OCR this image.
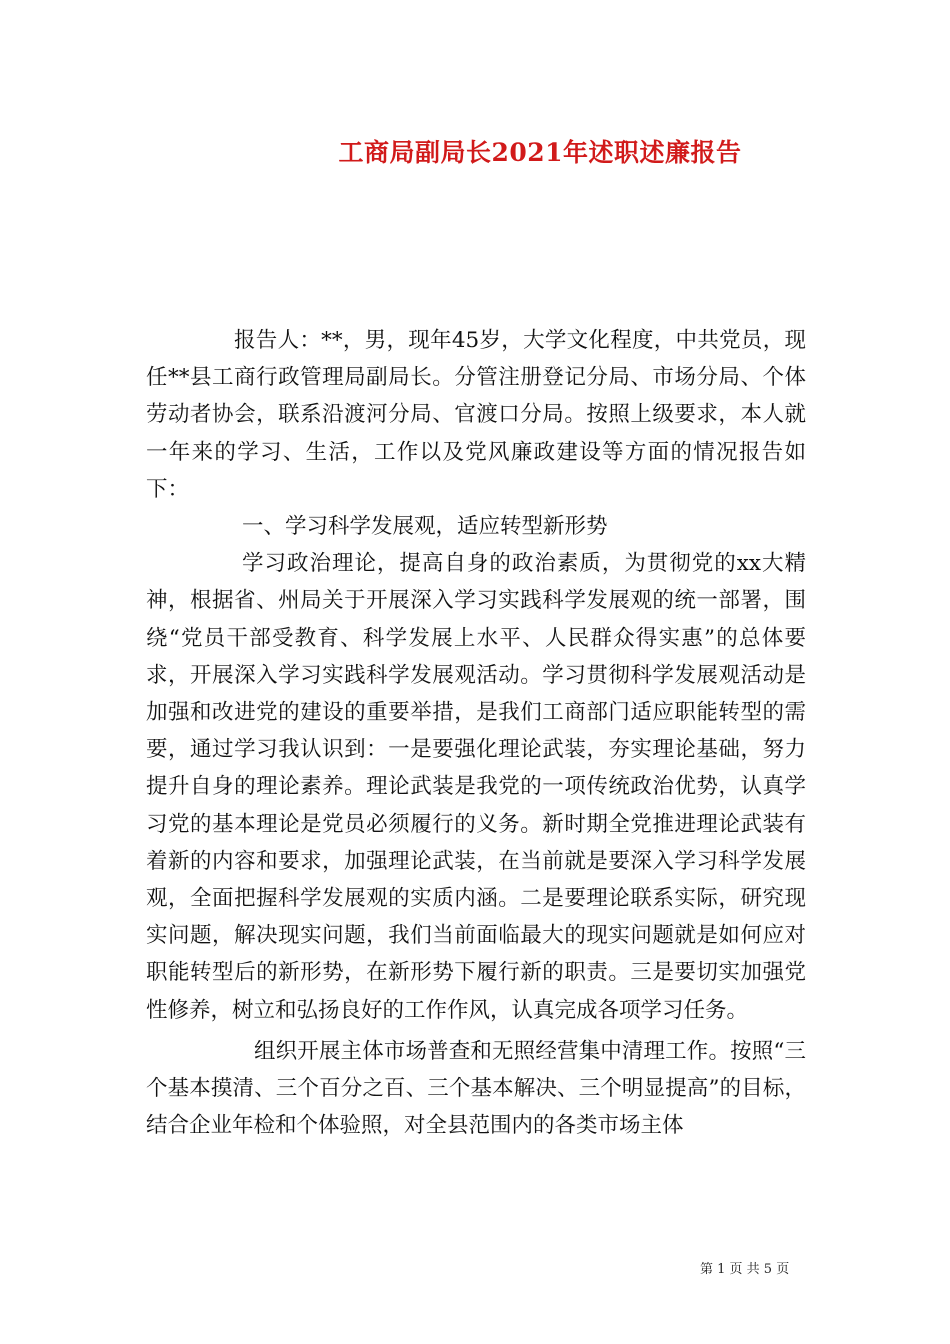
工商局副局长2021年述职述廉报告

报告人：**，男，现年45岁，大学文化程度，中共党员，现任**县工商行政管理局副局长。分管注册登记分局、市场分局、个体劳动者协会，联系沿渡河分局、官渡口分局。按照上级要求，本人就一年来的学习、生活，工作以及党风廉政建设等方面的情况报告如下：

一、学习科学发展观，适应转型新形势

学习政治理论，提高自身的政治素质，为贯彻党的xx大精神，根据省、州局关于开展深入学习实践科学发展观的统一部署，围绕“党员干部受教育、科学发展上水平、人民群众得实惠”的总体要求，开展深入学习实践科学发展观活动。学习贯彻科学发展观活动是加强和改进党的建设的重要举措，是我们工商部门适应职能转型的需要，通过学习我认识到：一是要强化理论武装，夯实理论基础，努力提升自身的理论素养。理论武装是我党的一项传统政治优势，认真学习党的基本理论是党员必须履行的义务。新时期全党推进理论武装有着新的内容和要求，加强理论武装，在当前就是要深入学习科学发展观，全面把握科学发展观的实质内涵。二是要理论联系实际，研究现实问题，解决现实问题，我们当前面临最大的现实问题就是如何应对职能转型后的新形势，在新形势下履行新的职责。三是要切实加强党性修养，树立和弘扬良好的工作作风，认真完成各项学习任务。

组织开展主体市场普查和无照经营集中清理工作。按照“三个基本摸清、三个百分之百、三个基本解决、三个明显提高”的目标，结合企业年检和个体验照，对全县范围内的各类市场主体

第 1 页 共 5 页
